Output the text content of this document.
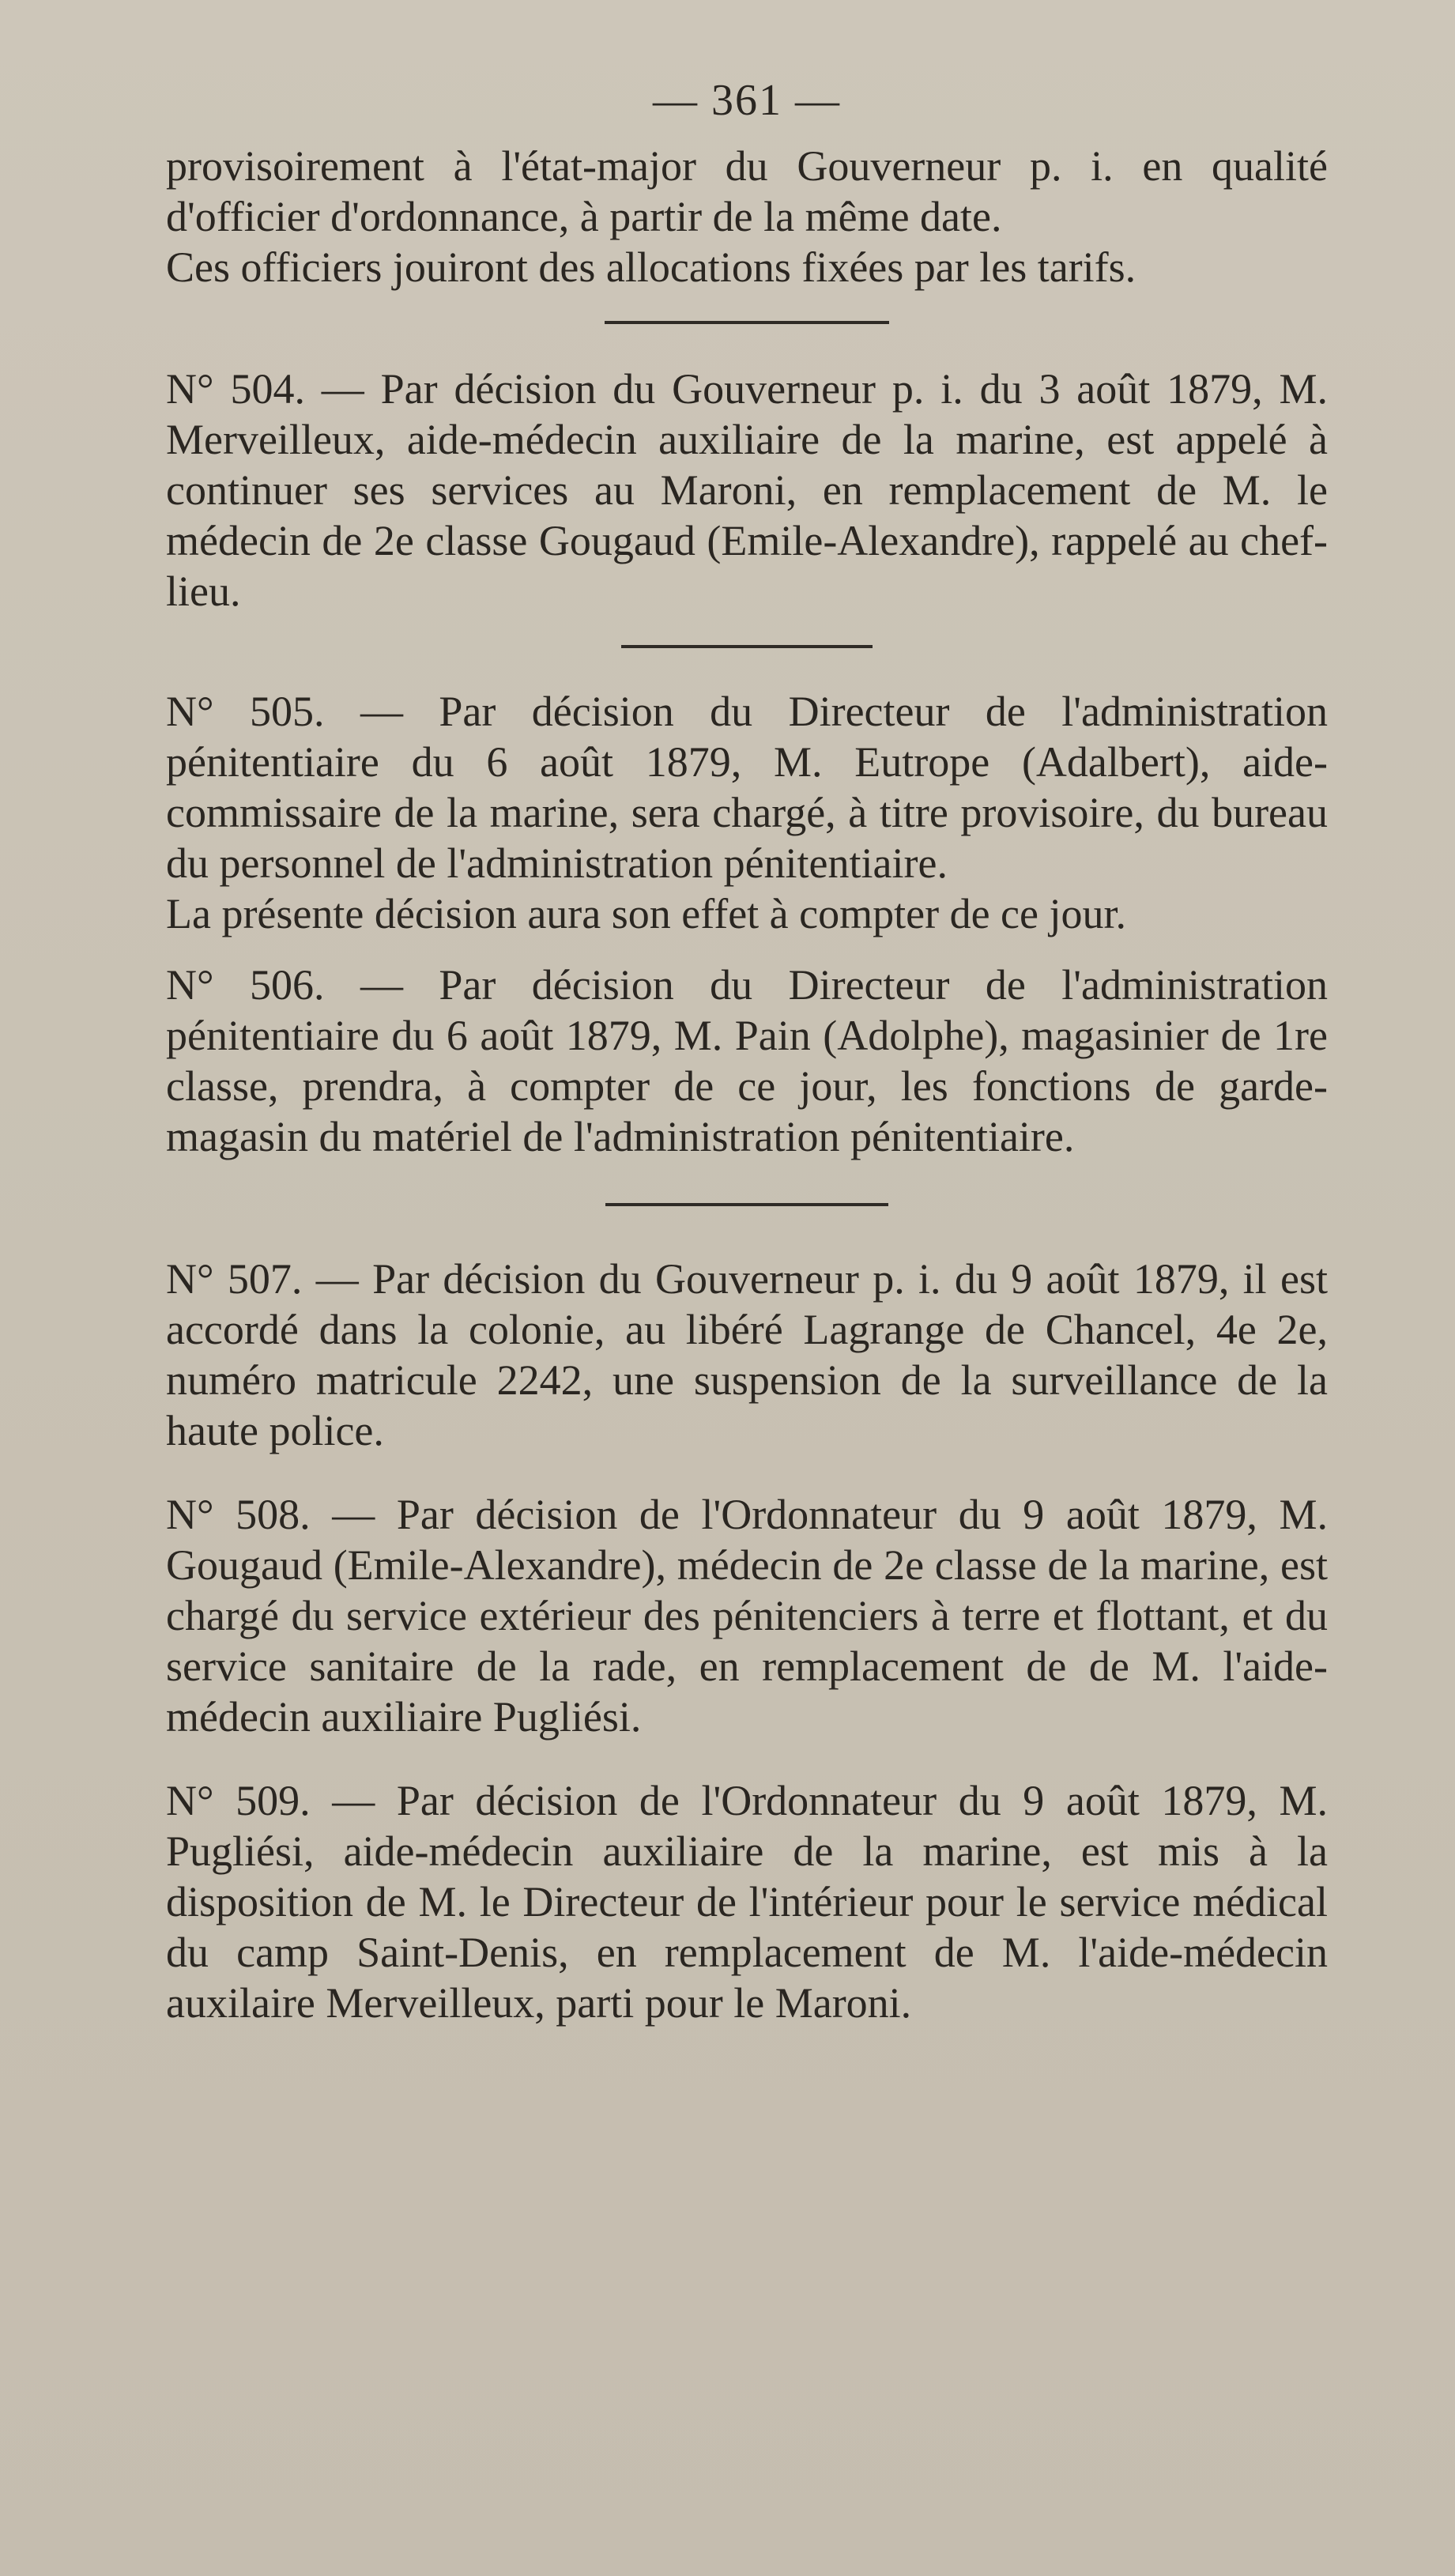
— 361 —

provisoirement à l'état-major du Gouverneur p. i. en qualité

d'officier d'ordonnance, à partir de la même date.

Ces officiers jouiront des allocations fixées par les tarifs.

N° 504. — Par décision du Gouverneur p. i. du 3 août 1879, M. Merveilleux, aide-médecin auxiliaire de la marine, est appelé à continuer ses services au Maroni, en remplacement de M. le médecin de 2e classe Gougaud (Emile-Alexandre), rappelé au chef-lieu.

N° 505. — Par décision du Directeur de l'administration pénitentiaire du 6 août 1879, M. Eutrope (Adalbert), aide-commissaire de la marine, sera chargé, à titre provisoire, du bureau du personnel de l'administration pénitentiaire.

La présente décision aura son effet à compter de ce jour.

N° 506. — Par décision du Directeur de l'administration pénitentiaire du 6 août 1879, M. Pain (Adolphe), magasinier de 1re classe, prendra, à compter de ce jour, les fonctions de garde-magasin du matériel de l'administration pénitentiaire.

N° 507. — Par décision du Gouverneur p. i. du 9 août 1879, il est accordé dans la colonie, au libéré Lagrange de Chancel, 4e 2e, numéro matricule 2242, une suspension de la surveillance de la haute police.

N° 508. — Par décision de l'Ordonnateur du 9 août 1879, M. Gougaud (Emile-Alexandre), médecin de 2e classe de la marine, est chargé du service extérieur des pénitenciers à terre et flottant, et du service sanitaire de la rade, en remplacement de de M. l'aide-médecin auxiliaire Pugliési.

N° 509. — Par décision de l'Ordonnateur du 9 août 1879, M. Pugliési, aide-médecin auxiliaire de la marine, est mis à la disposition de M. le Directeur de l'intérieur pour le service médical du camp Saint-Denis, en remplacement de M. l'aide-médecin auxilaire Merveilleux, parti pour le Maroni.
